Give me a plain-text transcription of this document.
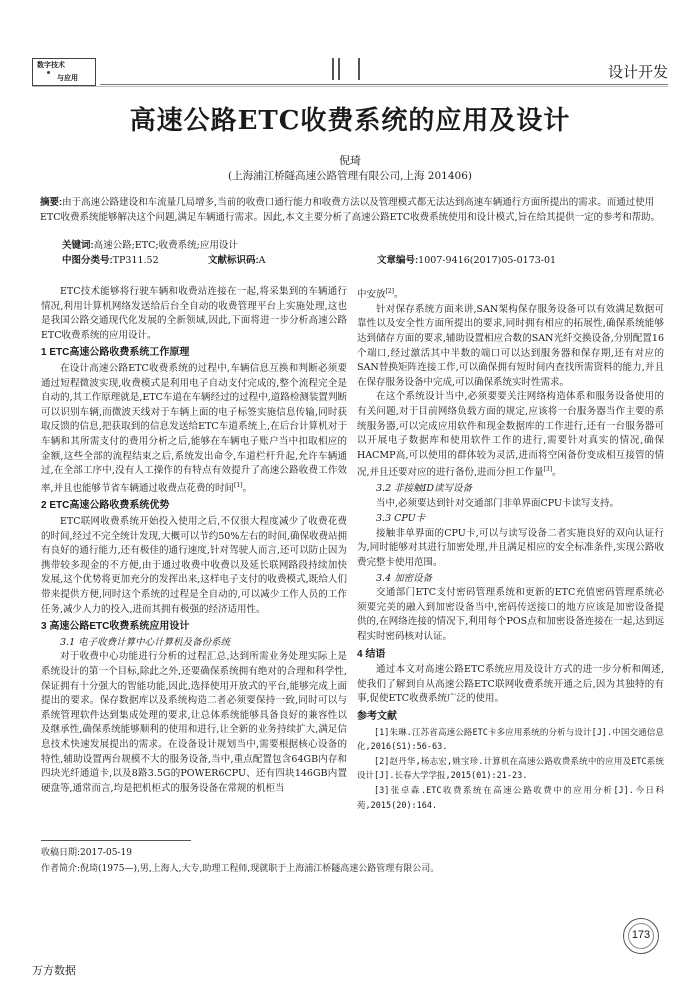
数字技术
与应用	设计开发
高速公路ETC收费系统的应用及设计
倪琦
(上海浦江桥隧高速公路管理有限公司,上海 201406)
摘要:由于高速公路建设和车流量几局增多,当前的收费口通行能力和收费方法以及管理模式都无法达到高速车辆通行方面所提出的需求。而通过使用ETC收费系统能够解决这个问题,满足车辆通行需求。因此,本文主要分析了高速公路ETC收费系统使用和设计模式,旨在给其提供一定的参考和帮助。
关键词:高速公路;ETC;收费系统;应用设计
中图分类号:TP311.52	文献标识码:A	文章编号:1007-9416(2017)05-0173-01

ETC技术能够将行驶车辆和收费站连接在一起,将采集到的车辆通行情况,利用计算机网络发送给后台全自动的收费管理平台上实施处理,这也是我国公路交通现代化发展的全新领域,因此,下面将进一步分析高速公路ETC收费系统的应用设计。

1 ETC高速公路收费系统工作原理

在设计高速公路ETC收费系统的过程中,车辆信息互换和判断必须要通过短程微波实现,收费模式是利用电子自动支付完成的,整个流程完全是自动的,其工作原理就是,ETC车道在车辆经过的过程中,道路检测装置判断可以识别车辆,而微波天线对于车辆上面的电子标签实施信息传输,同时获取反馈的信息,把获取到的信息发送给ETC车道系统上,在后台计算机对于车辆和其所需支付的费用分析之后,能够在车辆电子账户当中扣取相应的金额,这些全部的流程结束之后,系统发出命令,车道栏杆升起,允许车辆通过,在全部工序中,没有人工操作的有特点有效提升了高速公路收费工作效率,并且也能够节省车辆通过收费点花费的时间[1]。

2 ETC高速公路收费系统优势

ETC联网收费系统开始投入使用之后,不仅很大程度减少了收费花费的时间,经过不完全统计发现,大概可以节约50%左右的时间,确保收费站拥有良好的通行能力,还有极佳的通行速度,针对驾驶人而言,还可以防止因为携带较多现金的不方便,由于通过收费中收费以及延长联网路段持续加快发展,这个优势将更加充分的发挥出来,这样电子支付的收费模式,既给人们带来提供方便,同时这个系统的过程是全自动的,可以减少工作人员的工作任务,减少人力的投入,进而其拥有极强的经济适用性。

3 高速公路ETC收费系统应用设计
3.1 电子收费计算中心计算机及备份系统

对于收费中心功能进行分析的过程汇总,达到所需业务处理实际上是系统设计的第一个目标,除此之外,还要确保系统拥有绝对的合理和科学性,保证拥有十分强大的智能功能,因此,选择使用开放式的平台,能够完成上面提出的要求。保存数据库以及系统构造二者必须要保持一致,同时可以与系统管理软件达到集成处理的要求,让总体系统能够具备良好的兼容性以及继承性,确保系统能够顺利的使用和进行,让全新的业务持续扩大,满足信息技术快速发展提出的需求。在设备设计规划当中,需要根据核心设备的特性,辅助设置两台规模不大的服务设备,当中,重点配置包含64GB内存和四块光纤通道卡,以及8路3.5G的POWER6CPU、还有四块146GB内置硬盘等,通常而言,均是把机柜式的服务设备在常规的机柜当

中安放[2]。

针对保存系统方面来讲,SAN架构保存服务设备可以有效满足数据可靠性以及安全性方面所提出的要求,同时拥有相应的拓展性,确保系统能够达到储存方面的要求,辅助设置相应合数的SAN光纤交换设备,分别配置16个端口,经过激活其中半数的端口可以达到服务器和保存期,还有对应的SAN替换矩阵连接工作,可以确保拥有短时间内查找所需资料的能力,并且在保存服务设备中完成,可以确保系统实时性需求。

在这个系统设计当中,必须要要关注网络构造体系和服务设备使用的有关问题,对于目前网络负载方面的规定,应该将一台服务器当作主要的系统服务器,可以完成应用软件和现金数据库的工作进行,还有一台服务器可以开展电子数据库和使用软件工作的进行,需要针对真实的情况,确保HACMP高,可以使用的群体较为灵活,进而将空闲备份变成相互接管的情况,并且还要对应的进行备份,进而分担工作量[3]。

3.2 非接触ID读写设备

当中,必须要达到针对交通部门非单界面CPU卡读写支持。

3.3 CPU卡

接触非单界面的CPU卡,可以与读写设备二者实施良好的双向认证行为,同时能够对其进行加密处理,并且满足相应的安全标准条件,实现公路收费完整卡使用范围。

3.4 加密设备

交通部门ETC支付密码管理系统和更新的ETC充值密码管理系统必须要完美的融入到加密设备当中,密码传送接口的地方应该是加密设备提供的,在网络连接的情况下,利用每个POS点和加密设备连接在一起,达到远程实时密码核对认证。

4 结语

通过本文对高速公路ETC系统应用及设计方式的进一步分析和阐述,使我们了解到自从高速公路ETC联网收费系统开通之后,因为其独特的有事,促使ETC收费系统广泛的使用。

参考文献

[1]朱琳.江苏省高速公路ETC卡多应用系统的分析与设计[J].中国交通信息化,2016(S1):56-63.

[2]赵丹华,杨志宏,姚宝珍.计算机在高速公路收费系统中的应用及ETC系统设计[J].长春大学学报,2015(01):21-23.

[3]张卓森.ETC收费系统在高速公路收费中的应用分析[J].今日科苑,2015(20):164.

收稿日期:2017-05-19
作者简介:倪琦(1975—),男,上海人,大专,助理工程师,现就职于上海浦江桥隧高速公路管理有限公司。
173
万方数据
